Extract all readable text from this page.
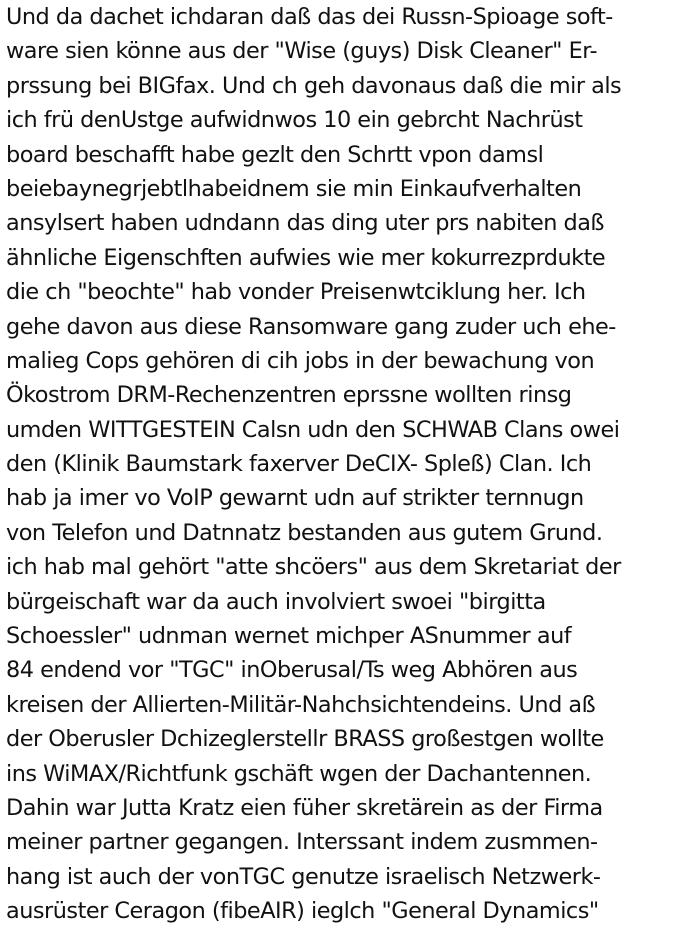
Und da dachet ichdaran daß das dei Russn-Spioage soft-
ware sien könne aus der "Wise (guys) Disk Cleaner" Er-
prssung bei BIGfax. Und ch geh davonaus daß die mir als
ich frü denUstge aufwidnwos 10 ein gebrcht Nachrüst
board beschafft habe gezlt den Schrtt vpon damsl
beiebaynegrjebtlhabeidnem sie min Einkaufverhalten
ansylsert haben udndann das ding uter prs nabiten daß
ähnliche Eigenschften aufwies wie mer kokurrezprdukte
die ch "beochte" hab vonder Preisenwtciklung her. Ich
gehe davon aus diese Ransomware gang zuder uch ehe-
malieg Cops gehören di cih jobs in der bewachung von
Ökostrom DRM-Rechenzentren eprssne wollten rinsg
umden WITTGESTEIN Calsn udn den SCHWAB Clans owei
den (Klinik Baumstark faxerver DeCIX- Spleß) Clan. Ich
hab ja imer vo VoIP gewarnt udn auf strikter ternnugn
von Telefon und Datnnatz bestanden aus gutem Grund.
ich hab mal gehört "atte shcöers" aus dem Skretariat der
bürgeischaft war da auch involviert swoei "birgitta
Schoessler" udnman wernet michper ASnummer auf
84 endend vor "TGC" inOberusal/Ts weg Abhören aus
kreisen der Allierten-Militär-Nahchsichtendeins. Und aß
der Oberusler Dchizeglerstellr BRASS großestgen wollte
ins WiMAX/Richtfunk gschäft wgen der Dachantennen.
Dahin war Jutta Kratz eien füher skretärein as der Firma
meiner partner gegangen. Interssant indem zusmmen-
hang ist auch der vonTGC genutze israelisch Netzwerk-
ausrüster Ceragon (fibeAIR) ieglch "General Dynamics"
